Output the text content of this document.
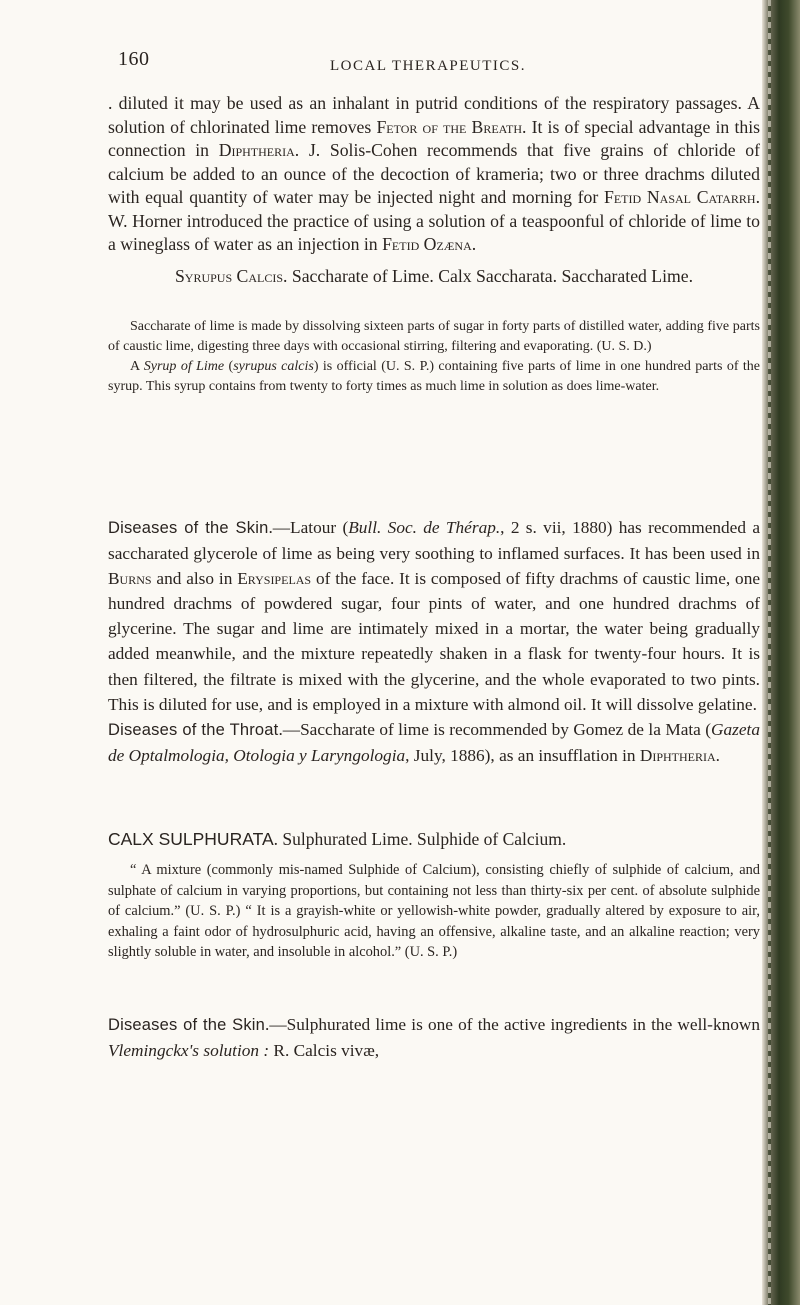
160	LOCAL THERAPEUTICS.

. diluted it may be used as an inhalant in putrid conditions of the respiratory passages. A solution of chlorinated lime removes Fetor of the Breath. It is of special advantage in this connection in Diphtheria. J. Solis-Cohen recommends that five grains of chloride of calcium be added to an ounce of the decoction of krameria; two or three drachms diluted with equal quantity of water may be injected night and morning for Fetid Nasal Catarrh. W. Horner introduced the practice of using a solution of a teaspoonful of chloride of lime to a wineglass of water as an injection in Fetid Ozæna.

Syrupus Calcis. Saccharate of Lime. Calx Saccharata. Saccharated Lime.

Saccharate of lime is made by dissolving sixteen parts of sugar in forty parts of distilled water, adding five parts of caustic lime, digesting three days with occasional stirring, filtering and evaporating. (U. S. D.)

A Syrup of Lime (syrupus calcis) is official (U. S. P.) containing five parts of lime in one hundred parts of the syrup. This syrup contains from twenty to forty times as much lime in solution as does lime-water.

Diseases of the Skin.—Latour (Bull. Soc. de Thérap., 2 s. vii, 1880) has recommended a saccharated glycerole of lime as being very soothing to inflamed surfaces. It has been used in Burns and also in Erysipelas of the face. It is composed of fifty drachms of caustic lime, one hundred drachms of powdered sugar, four pints of water, and one hundred drachms of glycerine. The sugar and lime are intimately mixed in a mortar, the water being gradually added meanwhile, and the mixture repeatedly shaken in a flask for twenty-four hours. It is then filtered, the filtrate is mixed with the glycerine, and the whole evaporated to two pints. This is diluted for use, and is employed in a mixture with almond oil. It will dissolve gelatine.

Diseases of the Throat.—Saccharate of lime is recommended by Gomez de la Mata (Gazeta de Optalmologia, Otologia y Laryngologia, July, 1886), as an insufflation in Diphtheria.

CALX SULPHURATA. Sulphurated Lime. Sulphide of Calcium.

“ A mixture (commonly mis-named Sulphide of Calcium), consisting chiefly of sulphide of calcium, and sulphate of calcium in varying proportions, but containing not less than thirty-six per cent. of absolute sulphide of calcium.” (U. S. P.) “ It is a grayish-white or yellowish-white powder, gradually altered by exposure to air, exhaling a faint odor of hydrosulphuric acid, having an offensive, alkaline taste, and an alkaline reaction; very slightly soluble in water, and insoluble in alcohol.” (U. S. P.)

Diseases of the Skin.—Sulphurated lime is one of the active ingredients in the well-known Vlemingckx's solution : R. Calcis vivæ,
